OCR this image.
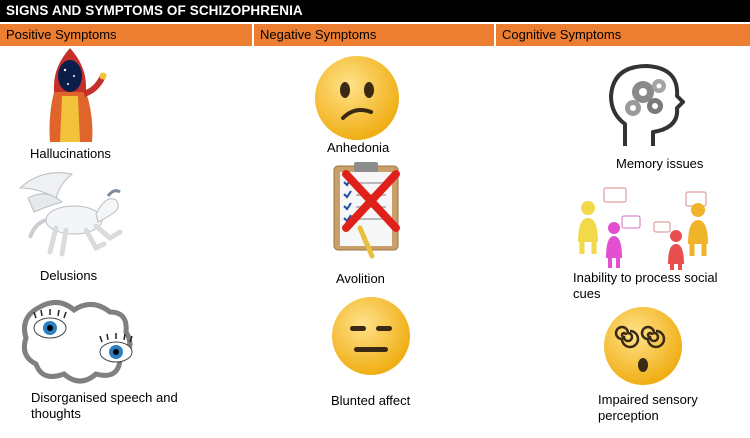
SIGNS AND SYMPTOMS OF SCHIZOPHRENIA
Positive Symptoms	Negative Symptoms	Cognitive Symptoms
Hallucinations
Delusions
Disorganised speech and thoughts
Anhedonia
Avolition
Blunted affect
Memory issues
Inability to process social cues
Impaired sensory perception
